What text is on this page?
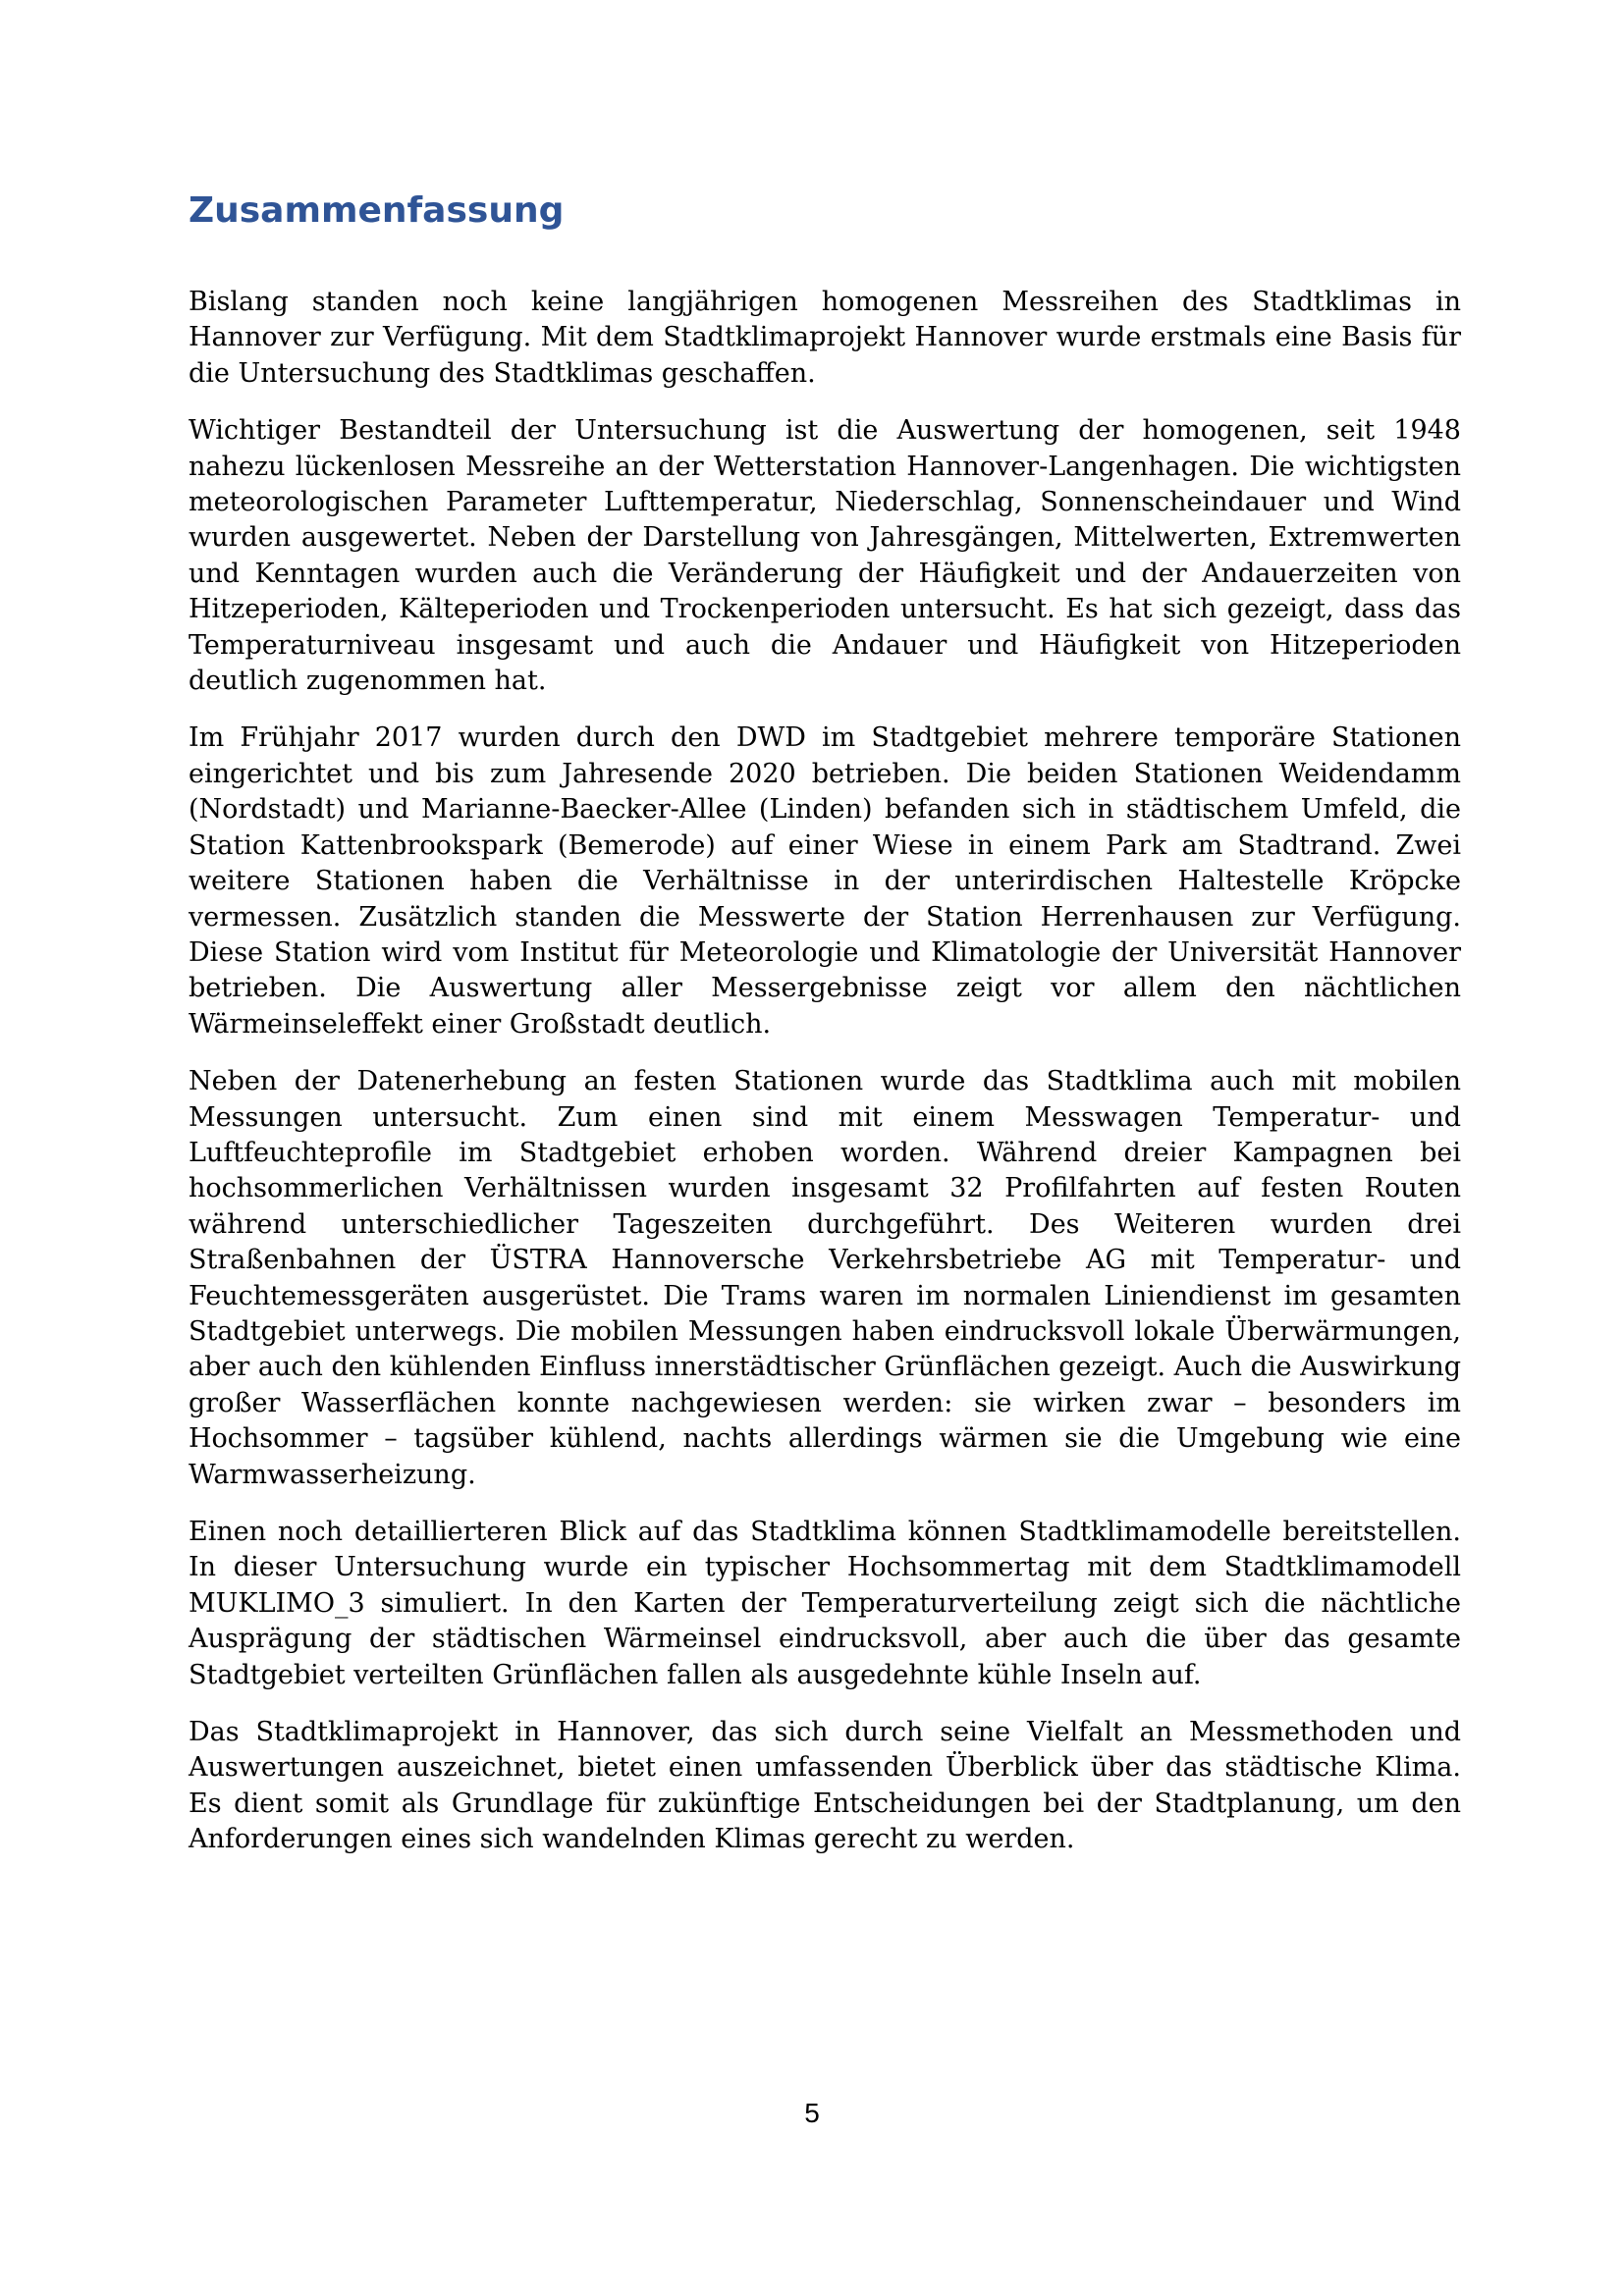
Zusammenfassung

Bislang standen noch keine langjährigen homogenen Messreihen des Stadtklimas in Hannover zur Verfügung. Mit dem Stadtklimaprojekt Hannover wurde erstmals eine Basis für die Untersuchung des Stadtklimas geschaffen.

Wichtiger Bestandteil der Untersuchung ist die Auswertung der homogenen, seit 1948 nahezu lückenlosen Messreihe an der Wetterstation Hannover-Langenhagen. Die wichtigsten meteorologischen Parameter Lufttemperatur, Niederschlag, Sonnenscheindauer und Wind wurden ausgewertet. Neben der Darstellung von Jahresgängen, Mittelwerten, Extremwerten und Kenntagen wurden auch die Veränderung der Häufigkeit und der Andauerzeiten von Hitzeperioden, Kälteperioden und Trockenperioden untersucht. Es hat sich gezeigt, dass das Temperaturniveau insgesamt und auch die Andauer und Häufigkeit von Hitzeperioden deutlich zugenommen hat.

Im Frühjahr 2017 wurden durch den DWD im Stadtgebiet mehrere temporäre Stationen eingerichtet und bis zum Jahresende 2020 betrieben. Die beiden Stationen Weidendamm (Nordstadt) und Marianne-Baecker-Allee (Linden) befanden sich in städtischem Umfeld, die Station Kattenbrookspark (Bemerode) auf einer Wiese in einem Park am Stadtrand. Zwei weitere Stationen haben die Verhältnisse in der unterirdischen Haltestelle Kröpcke vermessen. Zusätzlich standen die Messwerte der Station Herrenhausen zur Verfügung. Diese Station wird vom Institut für Meteorologie und Klimatologie der Universität Hannover betrieben. Die Auswertung aller Messergebnisse zeigt vor allem den nächtlichen Wärmeinseleffekt einer Großstadt deutlich.

Neben der Datenerhebung an festen Stationen wurde das Stadtklima auch mit mobilen Messungen untersucht. Zum einen sind mit einem Messwagen Temperatur- und Luftfeuchteprofile im Stadtgebiet erhoben worden. Während dreier Kampagnen bei hochsommerlichen Verhältnissen wurden insgesamt 32 Profilfahrten auf festen Routen während unterschiedlicher Tageszeiten durchgeführt. Des Weiteren wurden drei Straßenbahnen der ÜSTRA Hannoversche Verkehrsbetriebe AG mit Temperatur- und Feuchtemessgeräten ausgerüstet. Die Trams waren im normalen Liniendienst im gesamten Stadtgebiet unterwegs. Die mobilen Messungen haben eindrucksvoll lokale Überwärmungen, aber auch den kühlenden Einfluss innerstädtischer Grünflächen gezeigt. Auch die Auswirkung großer Wasserflächen konnte nachgewiesen werden: sie wirken zwar – besonders im Hochsommer – tagsüber kühlend, nachts allerdings wärmen sie die Umgebung wie eine Warmwasserheizung.

Einen noch detaillierteren Blick auf das Stadtklima können Stadtklimamodelle bereitstellen. In dieser Untersuchung wurde ein typischer Hochsommertag mit dem Stadtklimamodell MUKLIMO_3 simuliert. In den Karten der Temperaturverteilung zeigt sich die nächtliche Ausprägung der städtischen Wärmeinsel eindrucksvoll, aber auch die über das gesamte Stadtgebiet verteilten Grünflächen fallen als ausgedehnte kühle Inseln auf.

Das Stadtklimaprojekt in Hannover, das sich durch seine Vielfalt an Messmethoden und Auswertungen auszeichnet, bietet einen umfassenden Überblick über das städtische Klima. Es dient somit als Grundlage für zukünftige Entscheidungen bei der Stadtplanung, um den Anforderungen eines sich wandelnden Klimas gerecht zu werden.

5
